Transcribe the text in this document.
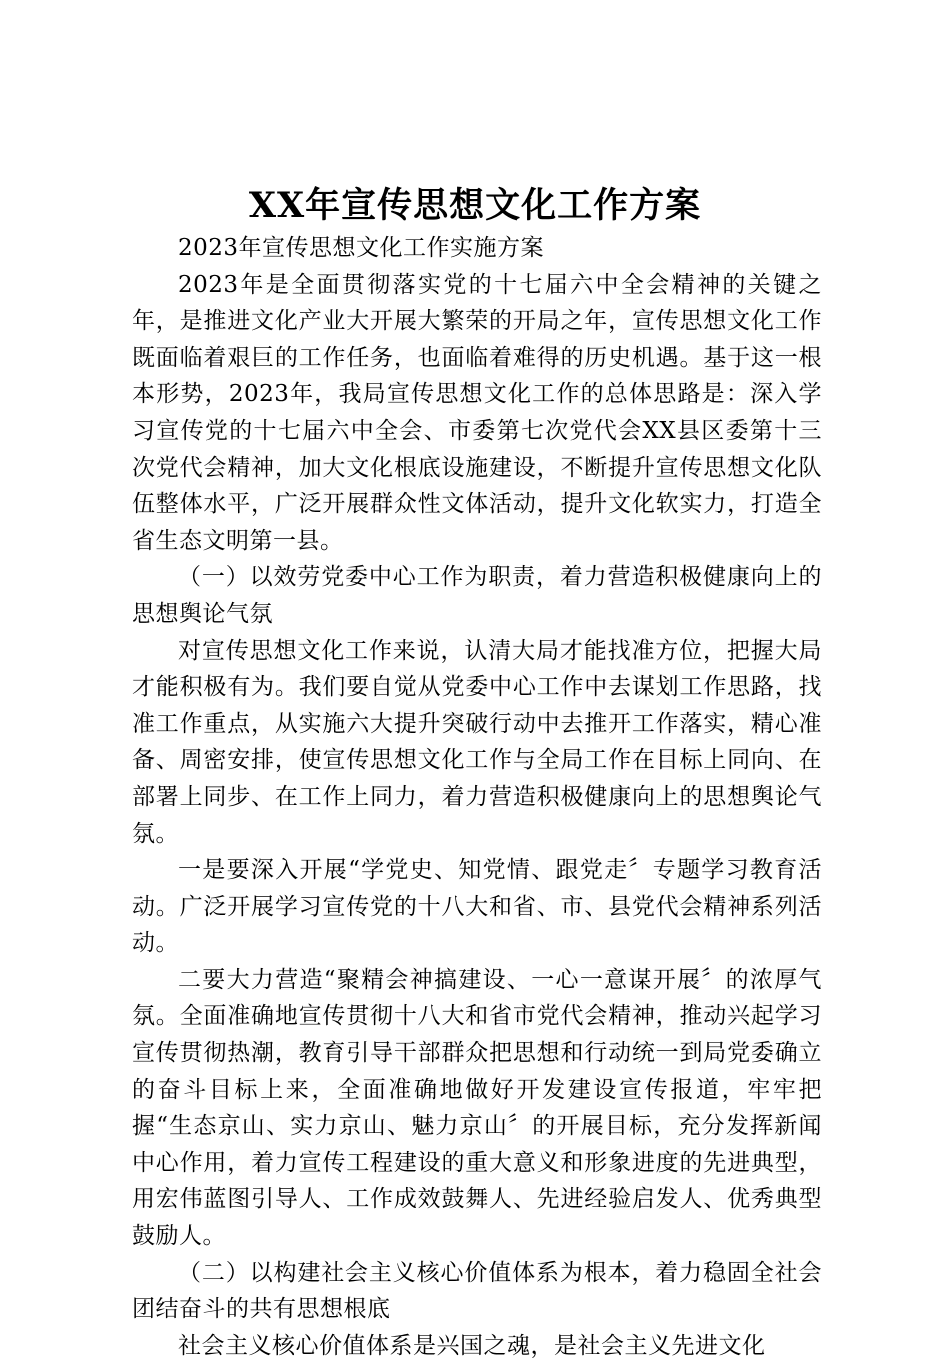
XX年宣传思想文化工作方案

2023年宣传思想文化工作实施方案

2023年是全面贯彻落实党的十七届六中全会精神的关键之年，是推进文化产业大开展大繁荣的开局之年，宣传思想文化工作既面临着艰巨的工作任务，也面临着难得的历史机遇。基于这一根本形势，2023年，我局宣传思想文化工作的总体思路是：深入学习宣传党的十七届六中全会、市委第七次党代会XX县区委第十三次党代会精神，加大文化根底设施建设，不断提升宣传思想文化队伍整体水平，广泛开展群众性文体活动，提升文化软实力，打造全省生态文明第一县。

（一）以效劳党委中心工作为职责，着力营造积极健康向上的思想舆论气氛

对宣传思想文化工作来说，认清大局才能找准方位，把握大局才能积极有为。我们要自觉从党委中心工作中去谋划工作思路，找准工作重点，从实施六大提升突破行动中去推开工作落实，精心准备、周密安排，使宣传思想文化工作与全局工作在目标上同向、在部署上同步、在工作上同力，着力营造积极健康向上的思想舆论气氛。

一是要深入开展“学党史、知党情、跟党走〞专题学习教育活动。广泛开展学习宣传党的十八大和省、市、县党代会精神系列活动。

二要大力营造“聚精会神搞建设、一心一意谋开展〞的浓厚气氛。全面准确地宣传贯彻十八大和省市党代会精神，推动兴起学习宣传贯彻热潮，教育引导干部群众把思想和行动统一到局党委确立的奋斗目标上来，全面准确地做好开发建设宣传报道，牢牢把握“生态京山、实力京山、魅力京山〞的开展目标，充分发挥新闻中心作用，着力宣传工程建设的重大意义和形象进度的先进典型，用宏伟蓝图引导人、工作成效鼓舞人、先进经验启发人、优秀典型鼓励人。

（二）以构建社会主义核心价值体系为根本，着力稳固全社会团结奋斗的共有思想根底

社会主义核心价值体系是兴国之魂，是社会主义先进文化
